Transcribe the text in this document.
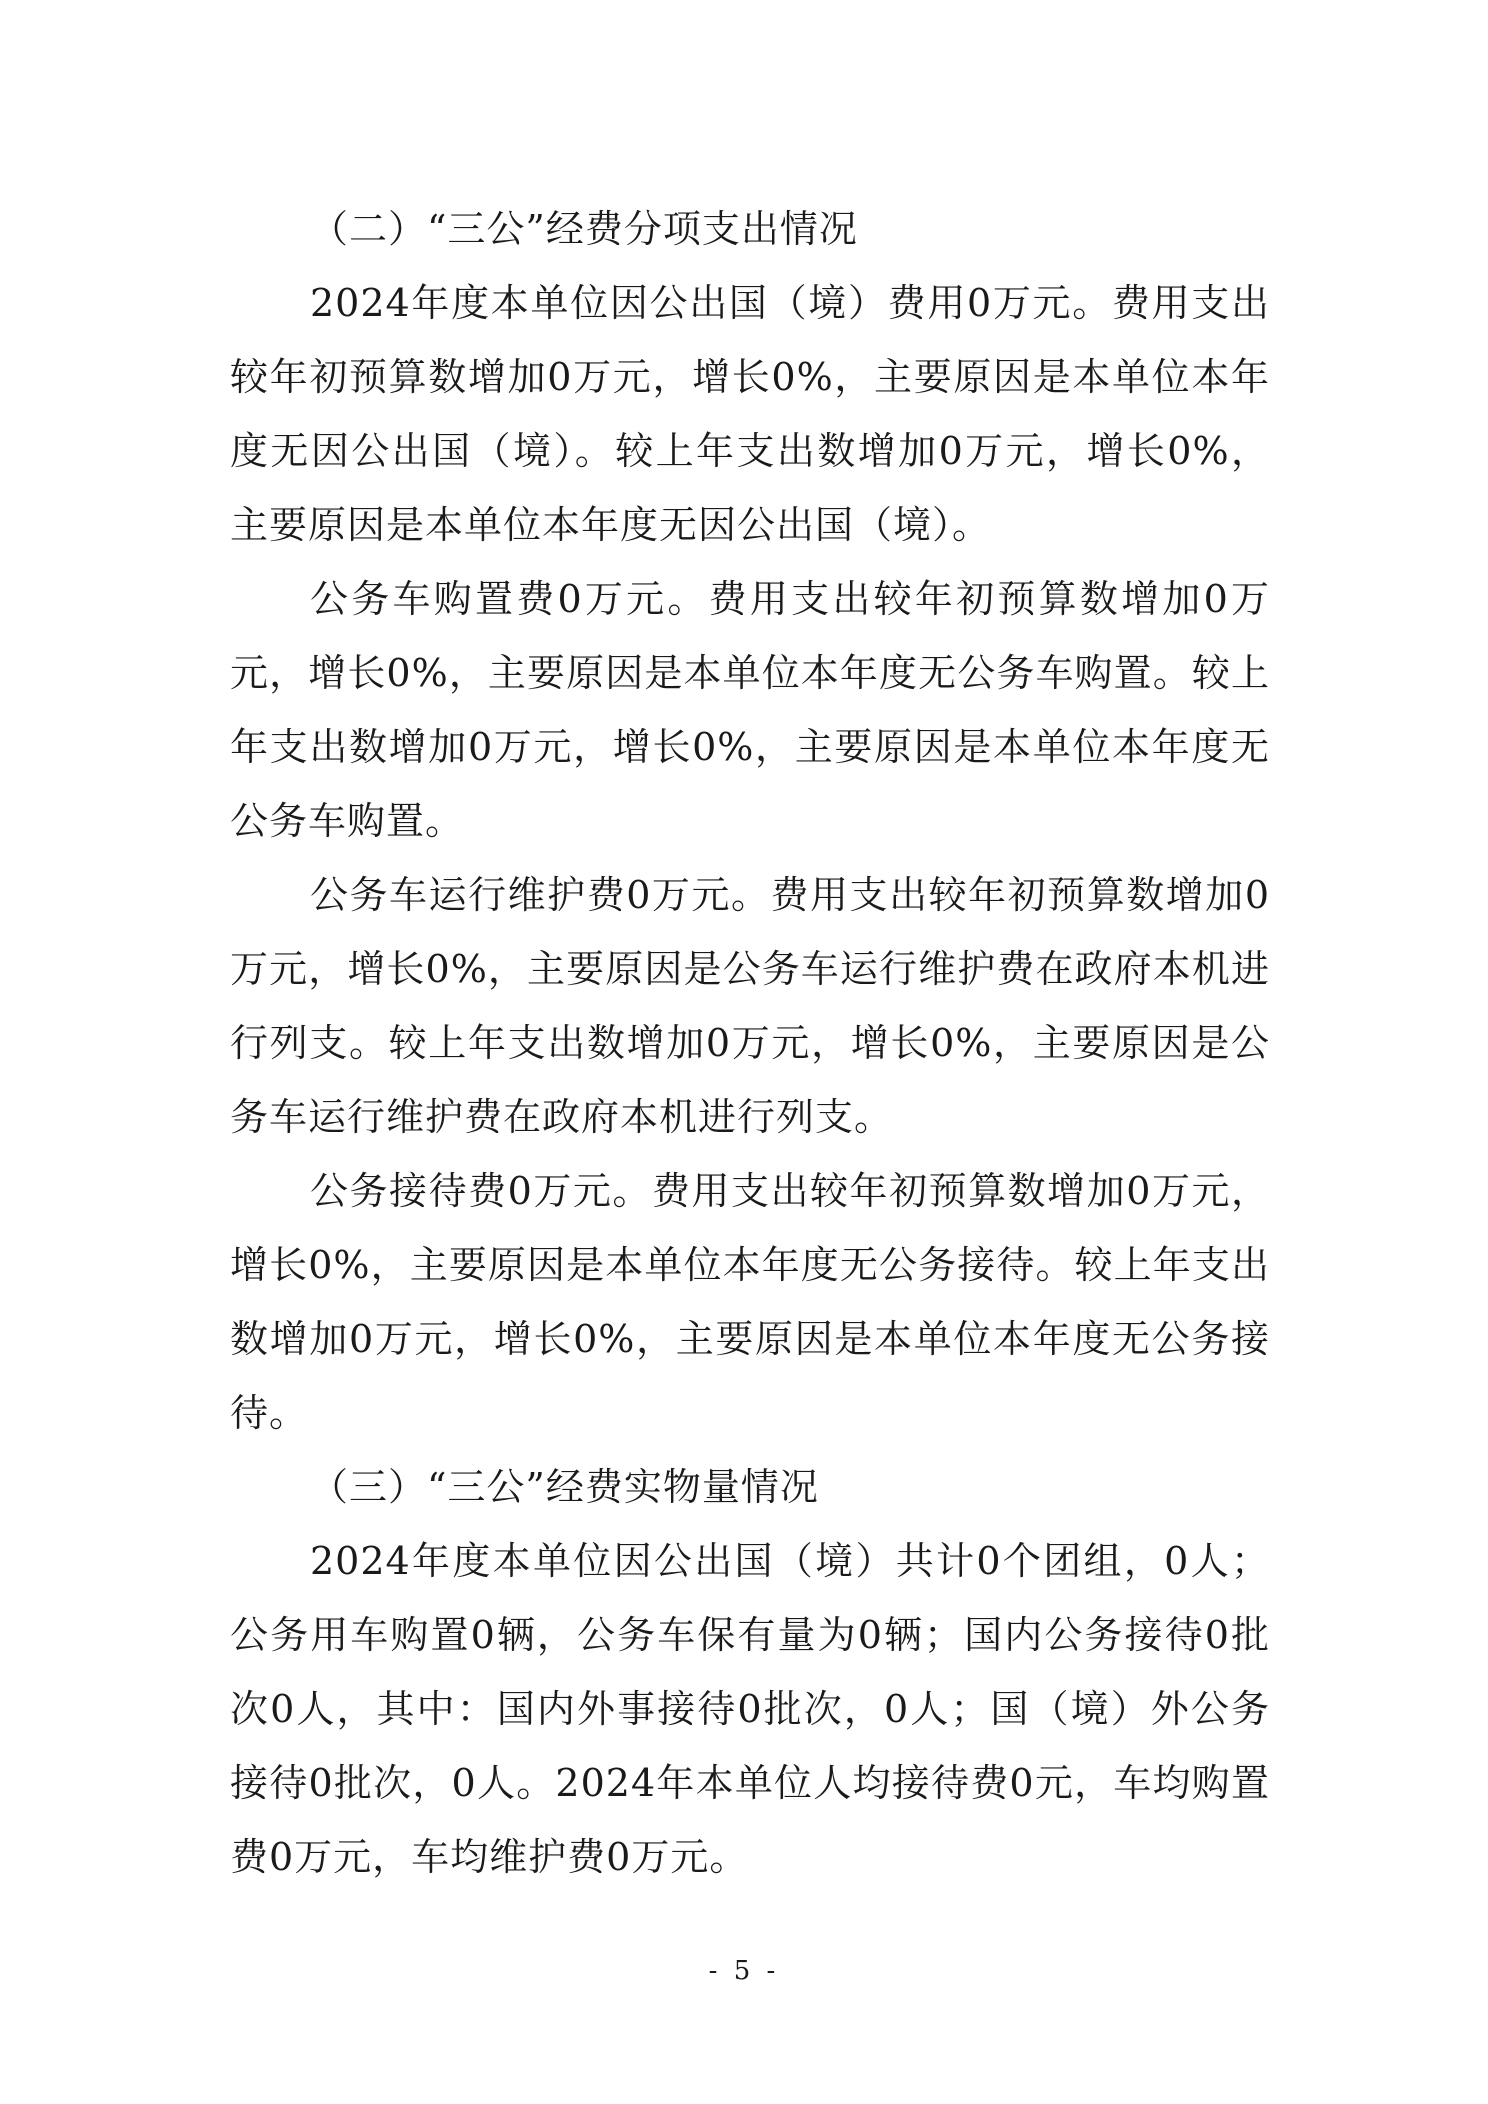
（二）“三公”经费分项支出情况

2024年度本单位因公出国（境）费用0万元。费用支出较年初预算数增加0万元，增长0%，主要原因是本单位本年度无因公出国（境）。较上年支出数增加0万元，增长0%，主要原因是本单位本年度无因公出国（境）。

公务车购置费0万元。费用支出较年初预算数增加0万元，增长0%，主要原因是本单位本年度无公务车购置。较上年支出数增加0万元，增长0%，主要原因是本单位本年度无公务车购置。

公务车运行维护费0万元。费用支出较年初预算数增加0万元，增长0%，主要原因是公务车运行维护费在政府本机进行列支。较上年支出数增加0万元，增长0%，主要原因是公务车运行维护费在政府本机进行列支。

公务接待费0万元。费用支出较年初预算数增加0万元，增长0%，主要原因是本单位本年度无公务接待。较上年支出数增加0万元，增长0%，主要原因是本单位本年度无公务接待。

（三）“三公”经费实物量情况

2024年度本单位因公出国（境）共计0个团组，0人；公务用车购置0辆，公务车保有量为0辆；国内公务接待0批次0人，其中：国内外事接待0批次，0人；国（境）外公务接待0批次，0人。2024年本单位人均接待费0元，车均购置费0万元，车均维护费0万元。

- 5 -
